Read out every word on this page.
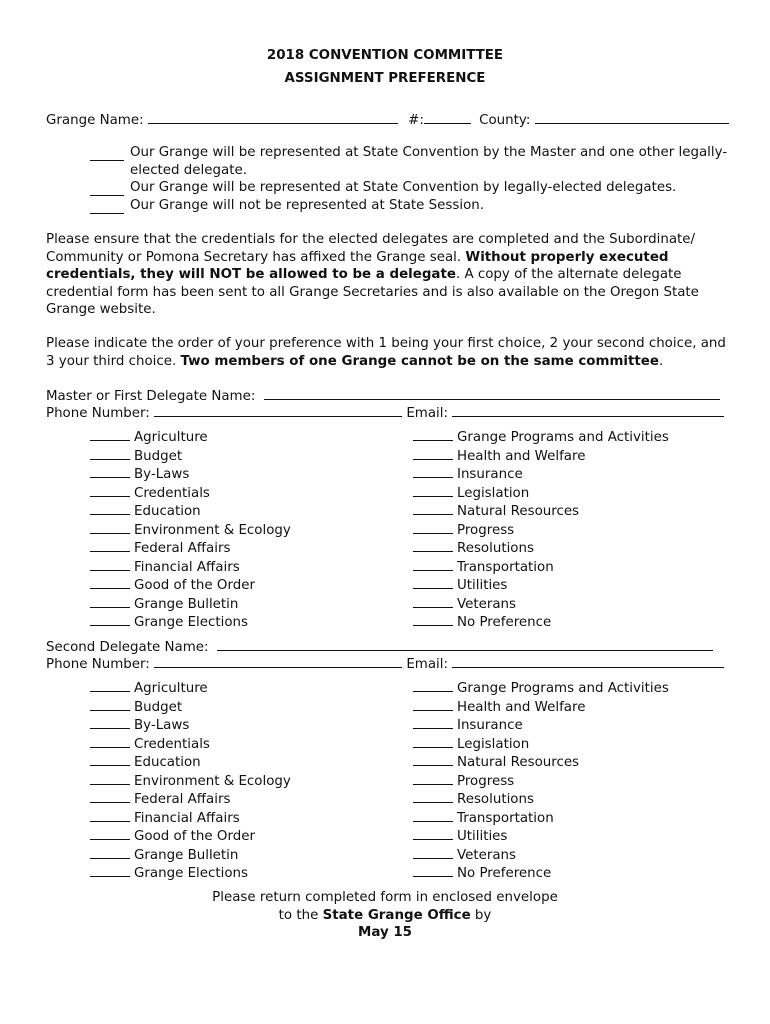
2018 CONVENTION COMMITTEE
ASSIGNMENT PREFERENCE
Grange Name:	#:	County:
Our Grange will be represented at State Convention by the Master and one other legally-elected delegate.
Our Grange will be represented at State Convention by legally-elected delegates.
Our Grange will not be represented at State Session.
Please ensure that the credentials for the elected delegates are completed and the Subordinate/ Community or Pomona Secretary has affixed the Grange seal. Without properly executed credentials, they will NOT be allowed to be a delegate. A copy of the alternate delegate credential form has been sent to all Grange Secretaries and is also available on the Oregon State Grange website.
Please indicate the order of your preference with 1 being your first choice, 2 your second choice, and 3 your third choice. Two members of one Grange cannot be on the same committee.
Master or First Delegate Name:
Phone Number:	Email:
Agriculture
Budget
By-Laws
Credentials
Education
Environment & Ecology
Federal Affairs
Financial Affairs
Good of the Order
Grange Bulletin
Grange Elections
Grange Programs and Activities
Health and Welfare
Insurance
Legislation
Natural Resources
Progress
Resolutions
Transportation
Utilities
Veterans
No Preference
Second Delegate Name:
Phone Number:	Email:
Agriculture
Budget
By-Laws
Credentials
Education
Environment & Ecology
Federal Affairs
Financial Affairs
Good of the Order
Grange Bulletin
Grange Elections
Grange Programs and Activities
Health and Welfare
Insurance
Legislation
Natural Resources
Progress
Resolutions
Transportation
Utilities
Veterans
No Preference
Please return completed form in enclosed envelope
to the State Grange Office by
May 15
